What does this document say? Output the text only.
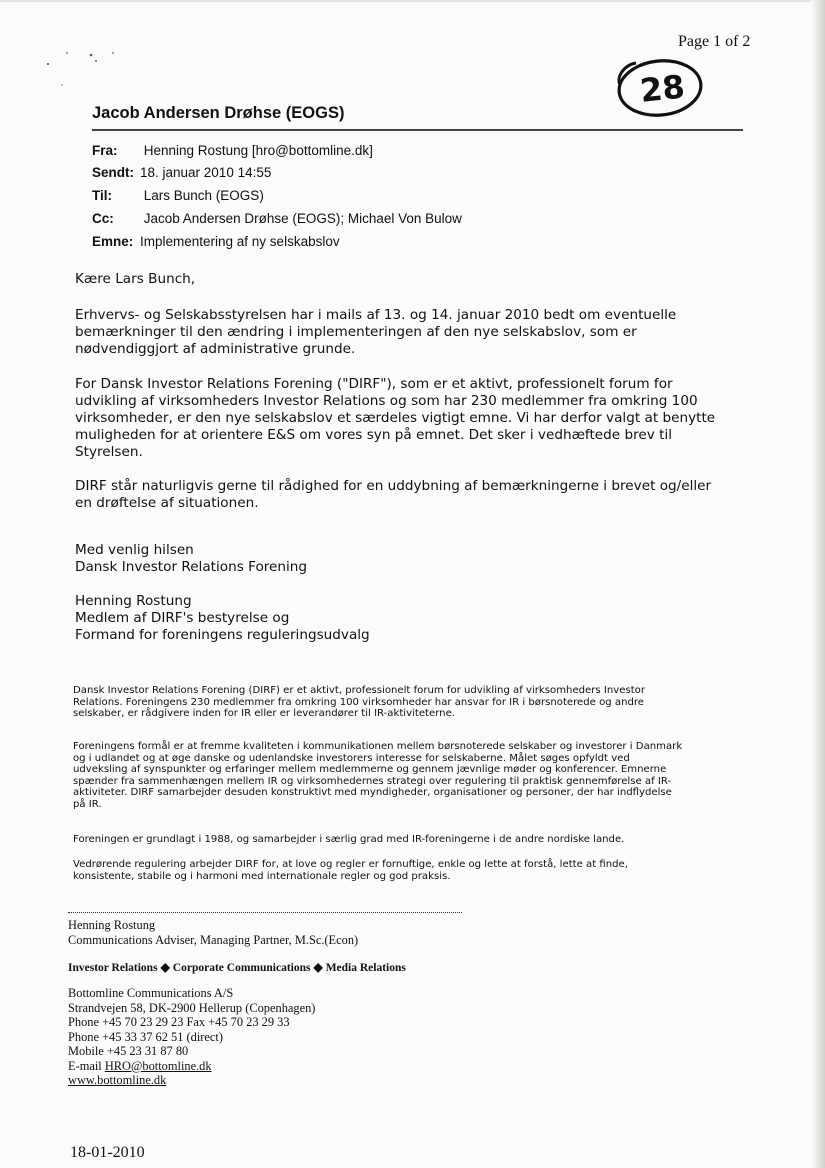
Page 1 of 2
28
Jacob Andersen Drøhse (EOGS)
Fra: Henning Rostung [hro@bottomline.dk]
Sendt: 18. januar 2010 14:55
Til: Lars Bunch (EOGS)
Cc: Jacob Andersen Drøhse (EOGS); Michael Von Bulow
Emne: Implementering af ny selskabslov
Kære Lars Bunch,
Erhvervs- og Selskabsstyrelsen har i mails af 13. og 14. januar 2010 bedt om eventuelle
bemærkninger til den ændring i implementeringen af den nye selskabslov, som er
nødvendiggjort af administrative grunde.
For Dansk Investor Relations Forening ("DIRF"), som er et aktivt, professionelt forum for
udvikling af virksomheders Investor Relations og som har 230 medlemmer fra omkring 100
virksomheder, er den nye selskabslov et særdeles vigtigt emne. Vi har derfor valgt at benytte
muligheden for at orientere E&S om vores syn på emnet. Det sker i vedhæftede brev til
Styrelsen.
DIRF står naturligvis gerne til rådighed for en uddybning af bemærkningerne i brevet og/eller
en drøftelse af situationen.
Med venlig hilsen
Dansk Investor Relations Forening
Henning Rostung
Medlem af DIRF's bestyrelse og
Formand for foreningens reguleringsudvalg
Dansk Investor Relations Forening (DIRF) er et aktivt, professionelt forum for udvikling af virksomheders Investor
Relations. Foreningens 230 medlemmer fra omkring 100 virksomheder har ansvar for IR i børsnoterede og andre
selskaber, er rådgivere inden for IR eller er leverandører til IR-aktiviteterne.
Foreningens formål er at fremme kvaliteten i kommunikationen mellem børsnoterede selskaber og investorer i Danmark
og i udlandet og at øge danske og udenlandske investorers interesse for selskaberne. Målet søges opfyldt ved
udveksling af synspunkter og erfaringer mellem medlemmerne og gennem jævnlige møder og konferencer. Emnerne
spænder fra sammenhængen mellem IR og virksomhedernes strategi over regulering til praktisk gennemførelse af IR-
aktiviteter. DIRF samarbejder desuden konstruktivt med myndigheder, organisationer og personer, der har indflydelse
på IR.
Foreningen er grundlagt i 1988, og samarbejder i særlig grad med IR-foreningerne i de andre nordiske lande.
Vedrørende regulering arbejder DIRF for, at love og regler er fornuftige, enkle og lette at forstå, lette at finde,
konsistente, stabile og i harmoni med internationale regler og god praksis.
Henning Rostung
Communications Adviser, Managing Partner, M.Sc.(Econ)
Investor Relations ◆ Corporate Communications ◆ Media Relations
Bottomline Communications A/S
Strandvejen 58, DK-2900 Hellerup (Copenhagen)
Phone +45 70 23 29 23 Fax +45 70 23 29 33
Phone +45 33 37 62 51 (direct)
Mobile +45 23 31 87 80
E-mail HRO@bottomline.dk
www.bottomline.dk
18-01-2010
